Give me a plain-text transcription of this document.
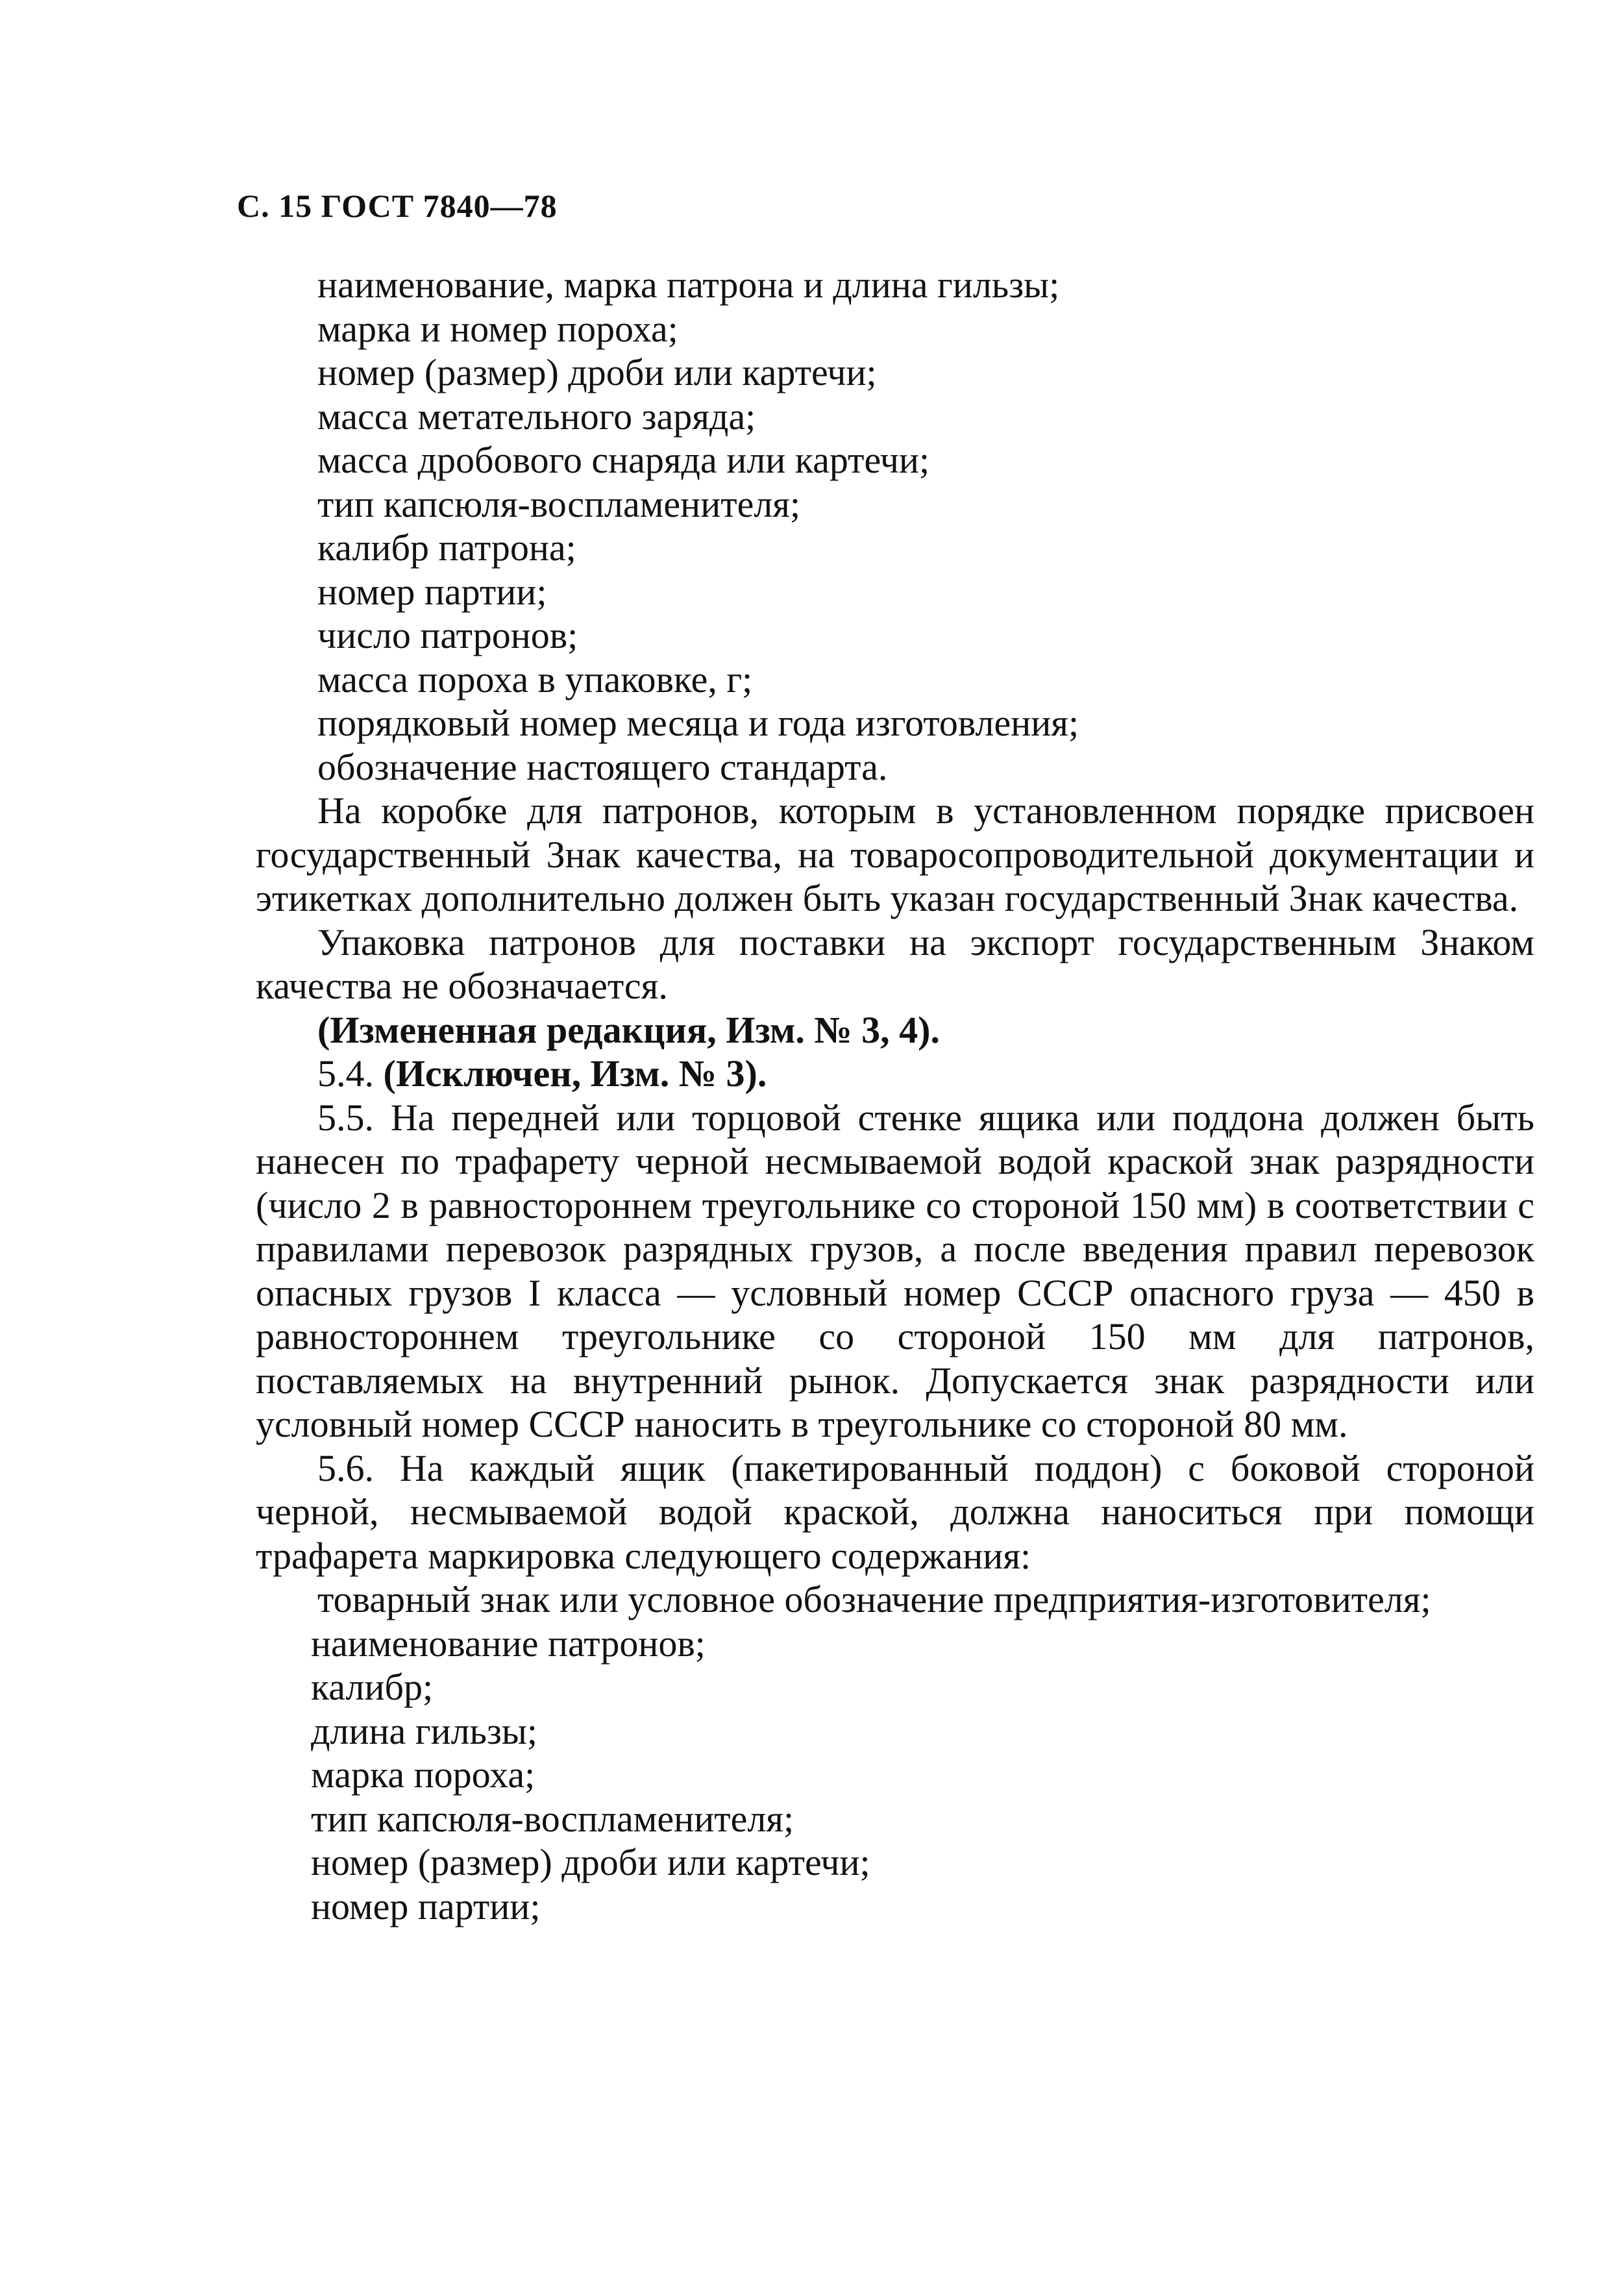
С. 15 ГОСТ 7840—78
наименование, марка патрона и длина гильзы;
марка и номер пороха;
номер (размер) дроби или картечи;
масса метательного заряда;
масса дробового снаряда или картечи;
тип капсюля-воспламенителя;
калибр патрона;
номер партии;
число патронов;
масса пороха в упаковке, г;
порядковый номер месяца и года изготовления;
обозначение настоящего стандарта.

На коробке для патронов, которым в установленном порядке присвоен государственный Знак качества, на товаросопроводительной документации и этикетках дополнительно должен быть указан государственный Знак качества.

Упаковка патронов для поставки на экспорт государственным Знаком качества не обозначается.

(Измененная редакция, Изм. № 3, 4).
5.4. (Исключен, Изм. № 3).

5.5. На передней или торцовой стенке ящика или поддона должен быть нанесен по трафарету черной несмываемой водой краской знак разрядности (число 2 в равностороннем треугольнике со стороной 150 мм) в соответствии с правилами перевозок разрядных грузов, а после введения правил перевозок опасных грузов I класса — условный номер СССР опасного груза — 450 в равностороннем треугольнике со стороной 150 мм для патронов, поставляемых на внутренний рынок. Допускается знак разрядности или условный номер СССР наносить в треугольнике со стороной 80 мм.

5.6. На каждый ящик (пакетированный поддон) с боковой стороной черной, несмываемой водой краской, должна наноситься при помощи трафарета маркировка следующего содержания:

товарный знак или условное обозначение предприятия-изготовителя;

наименование патронов;
калибр;
длина гильзы;
марка пороха;
тип капсюля-воспламенителя;
номер (размер) дроби или картечи;
номер партии;
